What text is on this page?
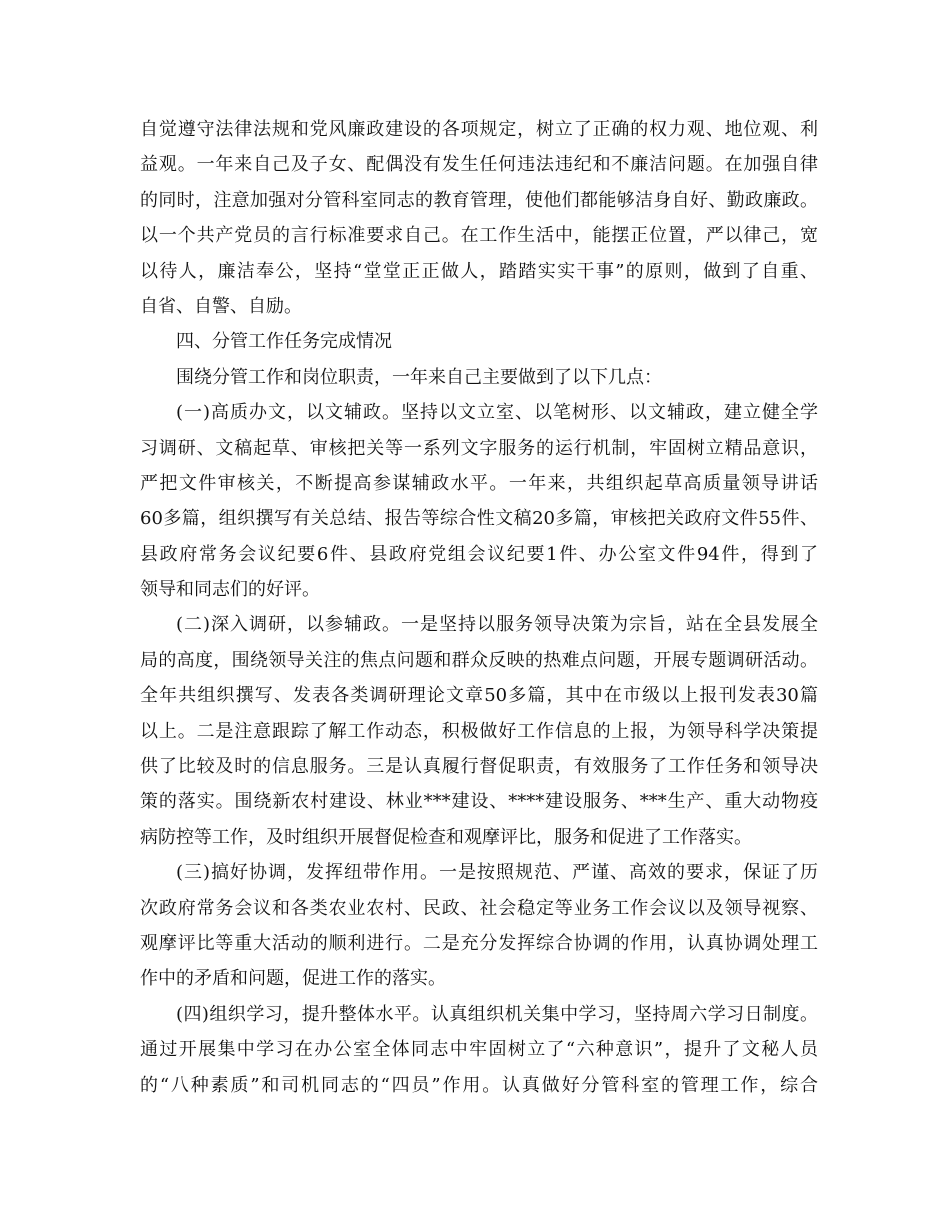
自觉遵守法律法规和党风廉政建设的各项规定，树立了正确的权力观、地位观、利
益观。一年来自己及子女、配偶没有发生任何违法违纪和不廉洁问题。在加强自律
的同时，注意加强对分管科室同志的教育管理，使他们都能够洁身自好、勤政廉政。
以一个共产党员的言行标准要求自己。在工作生活中，能摆正位置，严以律己，宽
以待人，廉洁奉公，坚持“堂堂正正做人，踏踏实实干事”的原则，做到了自重、
自省、自警、自励。
四、分管工作任务完成情况
围绕分管工作和岗位职责，一年来自己主要做到了以下几点：
(一)高质办文，以文辅政。坚持以文立室、以笔树形、以文辅政，建立健全学
习调研、文稿起草、审核把关等一系列文字服务的运行机制，牢固树立精品意识，
严把文件审核关，不断提高参谋辅政水平。一年来，共组织起草高质量领导讲话
60多篇，组织撰写有关总结、报告等综合性文稿20多篇，审核把关政府文件55件、
县政府常务会议纪要6件、县政府党组会议纪要1件、办公室文件94件，得到了
领导和同志们的好评。
(二)深入调研，以参辅政。一是坚持以服务领导决策为宗旨，站在全县发展全
局的高度，围绕领导关注的焦点问题和群众反映的热难点问题，开展专题调研活动。
全年共组织撰写、发表各类调研理论文章50多篇，其中在市级以上报刊发表30篇
以上。二是注意跟踪了解工作动态，积极做好工作信息的上报，为领导科学决策提
供了比较及时的信息服务。三是认真履行督促职责，有效服务了工作任务和领导决
策的落实。围绕新农村建设、林业***建设、****建设服务、***生产、重大动物疫
病防控等工作，及时组织开展督促检查和观摩评比，服务和促进了工作落实。
(三)搞好协调，发挥纽带作用。一是按照规范、严谨、高效的要求，保证了历
次政府常务会议和各类农业农村、民政、社会稳定等业务工作会议以及领导视察、
观摩评比等重大活动的顺利进行。二是充分发挥综合协调的作用，认真协调处理工
作中的矛盾和问题，促进工作的落实。
(四)组织学习，提升整体水平。认真组织机关集中学习，坚持周六学习日制度。
通过开展集中学习在办公室全体同志中牢固树立了“六种意识”，提升了文秘人员
的“八种素质”和司机同志的“四员”作用。认真做好分管科室的管理工作，综合
